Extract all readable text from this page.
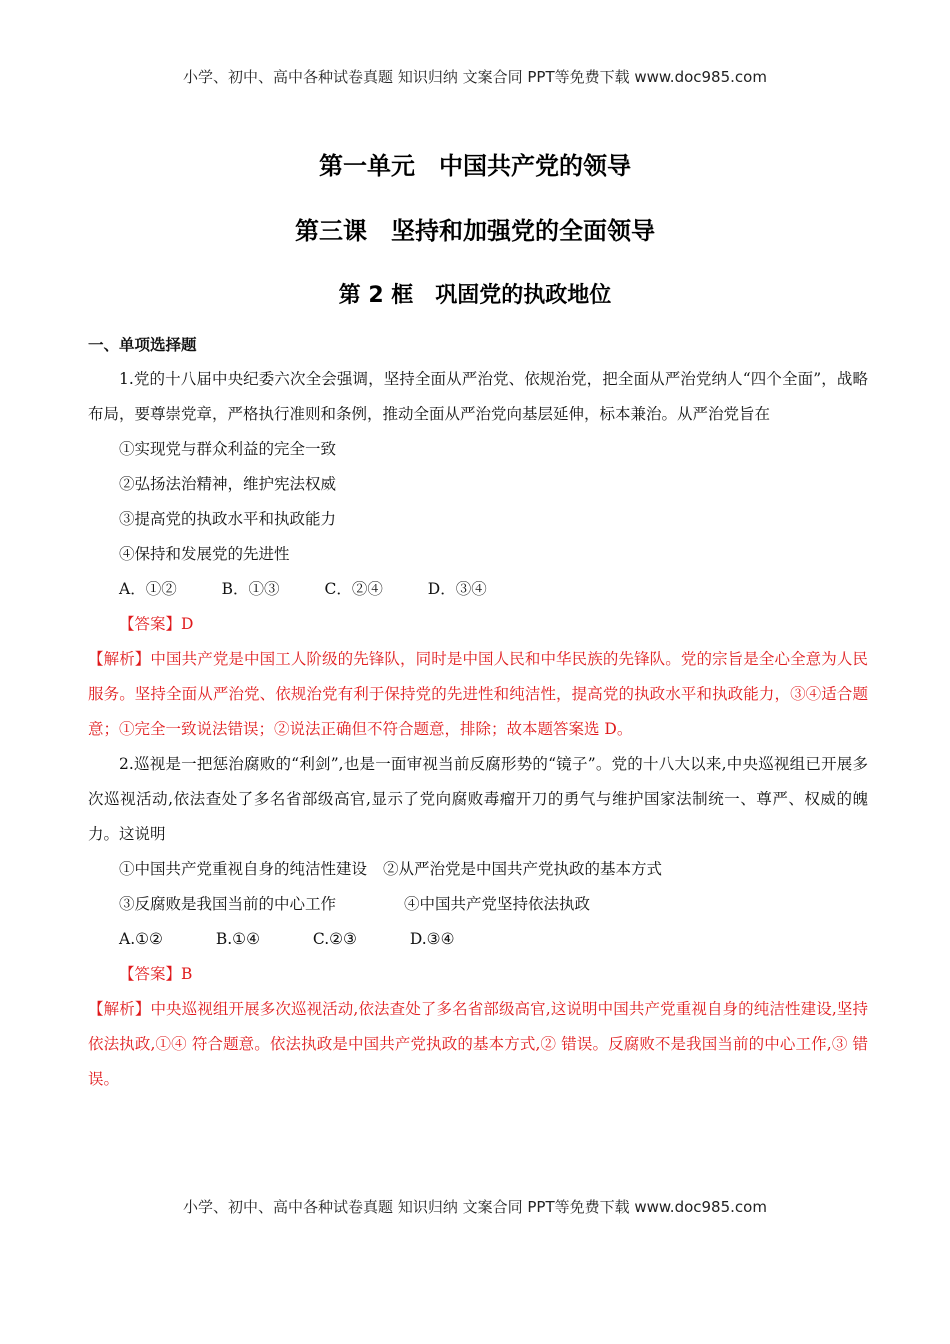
小学、初中、高中各种试卷真题 知识归纳 文案合同 PPT等免费下载 www.doc985.com
第一单元　中国共产党的领导
第三课　坚持和加强党的全面领导
第 2 框　巩固党的执政地位
一、单项选择题

1.党的十八届中央纪委六次全会强调，坚持全面从严治党、依规治党，把全面从严治党纳人“四个全面”，战略布局，要尊崇党章，严格执行准则和条例，推动全面从严治党向基层延伸，标本兼治。从严治党旨在

①实现党与群众利益的完全一致

②弘扬法治精神，维护宪法权威

③提高党的执政水平和执政能力

④保持和发展党的先进性

A．①②	B．①③	C．②④	D．③④

【答案】D

【解析】中国共产党是中国工人阶级的先锋队，同时是中国人民和中华民族的先锋队。党的宗旨是全心全意为人民服务。坚持全面从严治党、依规治党有利于保持党的先进性和纯洁性，提高党的执政水平和执政能力，③④适合题意；①完全一致说法错误；②说法正确但不符合题意，排除；故本题答案选 D。

2.巡视是一把惩治腐败的“利剑”,也是一面审视当前反腐形势的“镜子”。党的十八大以来,中央巡视组已开展多次巡视活动,依法查处了多名省部级高官,显示了党向腐败毒瘤开刀的勇气与维护国家法制统一、尊严、权威的魄力。这说明

①中国共产党重视自身的纯洁性建设 ②从严治党是中国共产党执政的基本方式

③反腐败是我国当前的中心工作	④中国共产党坚持依法执政

A.①②	B.①④	C.②③	D.③④

【答案】B

【解析】中央巡视组开展多次巡视活动,依法查处了多名省部级高官,这说明中国共产党重视自身的纯洁性建设,坚持依法执政,①④ 符合题意。依法执政是中国共产党执政的基本方式,② 错误。反腐败不是我国当前的中心工作,③ 错误。

小学、初中、高中各种试卷真题 知识归纳 文案合同 PPT等免费下载 www.doc985.com
